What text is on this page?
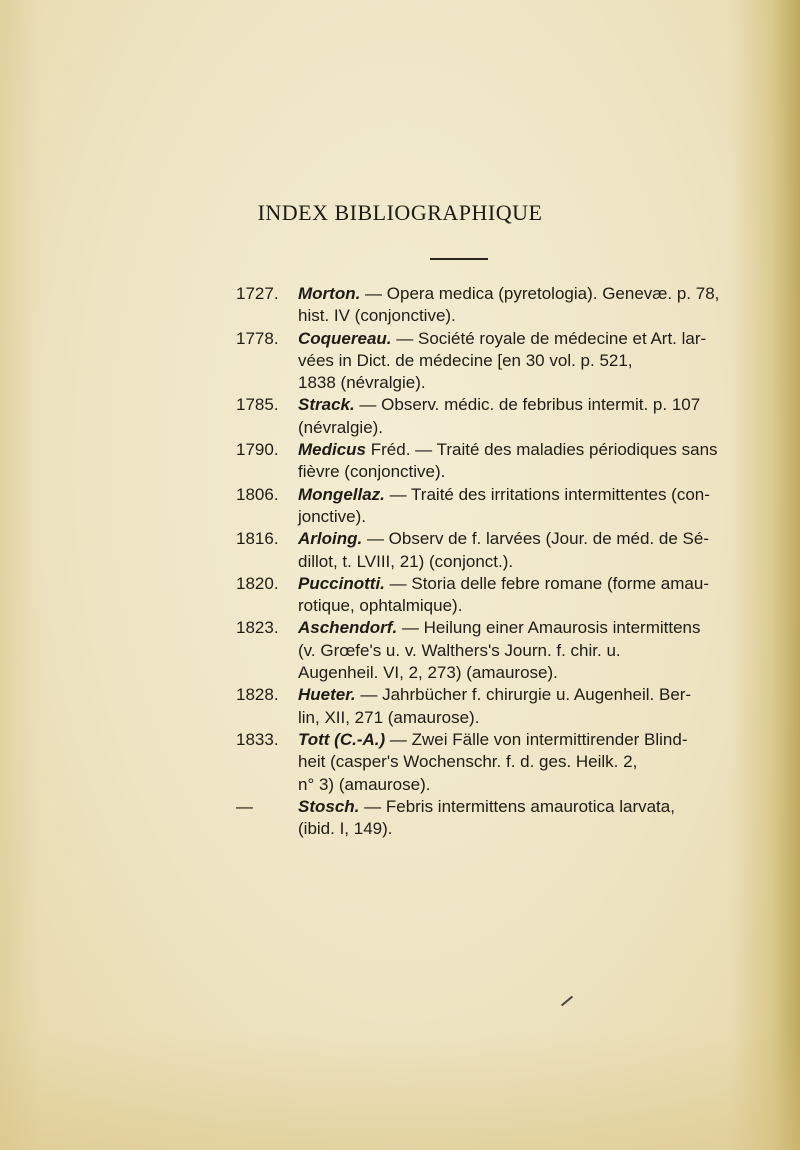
INDEX BIBLIOGRAPHIQUE
1727.	Morton. — Opera medica (pyretologia). Genevæ. p. 78,
hist. IV (conjonctive).
1778.	Coquereau. — Société royale de médecine et Art. lar-
vées in Dict. de médecine [en 30 vol. p. 521,
1838 (névralgie).
1785.	Strack. — Observ. médic. de febribus intermit. p. 107
(névralgie).
1790.	Medicus Fréd. — Traité des maladies périodiques sans
fièvre (conjonctive).
1806.	Mongellaz. — Traité des irritations intermittentes (con-
jonctive).
1816.	Arloing. — Observ de f. larvées (Jour. de méd. de Sé-
dillot, t. LVIII, 21) (conjonct.).
1820.	Puccinotti. — Storia delle febre romane (forme amau-
rotique, ophtalmique).
1823.	Aschendorf. — Heilung einer Amaurosis intermittens
(v. Grœfe's u. v. Walthers's Journ. f. chir. u.
Augenheil. VI, 2, 273) (amaurose).
1828.	Hueter. — Jahrbücher f. chirurgie u. Augenheil. Ber-
lin, XII, 271 (amaurose).
1833.	Tott (C.-A.) — Zwei Fälle von intermittirender Blind-
heit (casper's Wochenschr. f. d. ges. Heilk. 2,
n° 3) (amaurose).
—	Stosch. — Febris intermittens amaurotica larvata,
(ibid. I, 149).
